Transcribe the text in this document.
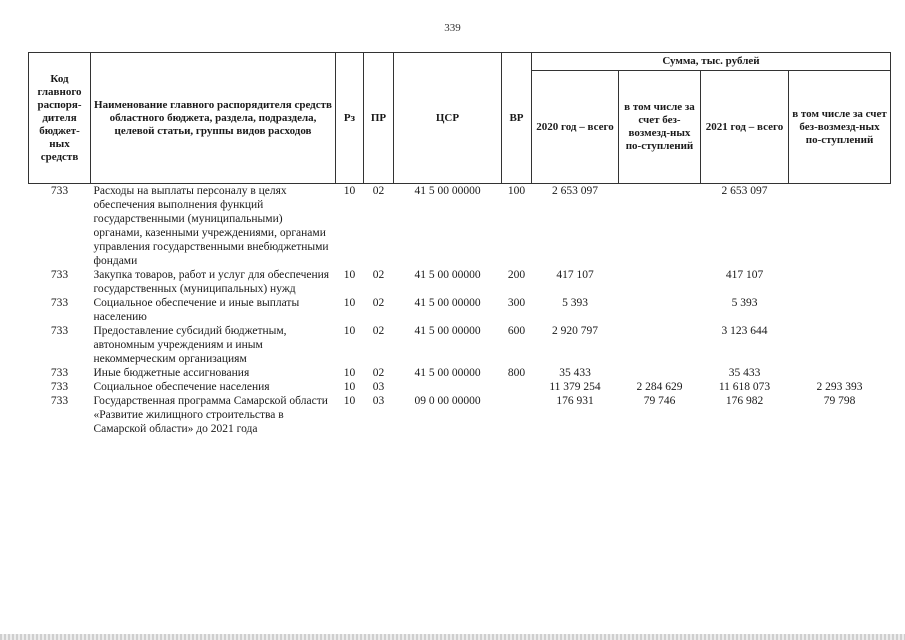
339
Код главного распоря-дителя бюджет-ных средств	Наименование главного распорядителя средств областного бюджета, раздела, подраздела, целевой статьи, группы видов расходов	Рз	ПР	ЦСР	ВР	Сумма, тыс. рублей			
						2020 год – всего	в том числе за счет без-возмезд-ных по-ступлений	2021 год – всего	в том числе за счет без-возмезд-ных по-ступлений
733	Расходы на выплаты персоналу в целях обеспечения выполнения функций государственными (муниципальными) органами, казенными учреждениями, органами управления государственными внебюджетными фондами	10	02	41 5 00 00000	100	2 653 097		2 653 097	
733	Закупка товаров, работ и услуг для обеспечения государственных (муниципальных) нужд	10	02	41 5 00 00000	200	417 107		417 107	
733	Социальное обеспечение и иные выплаты населению	10	02	41 5 00 00000	300	5 393		5 393	
733	Предоставление субсидий бюджетным, автономным учреждениям и иным некоммерческим организациям	10	02	41 5 00 00000	600	2 920 797		3 123 644	
733	Иные бюджетные ассигнования	10	02	41 5 00 00000	800	35 433		35 433	
733	Социальное обеспечение населения	10	03			11 379 254	2 284 629	11 618 073	2 293 393
733	Государственная программа Самарской области «Развитие жилищного строительства в Самарской области» до 2021 года	10	03	09 0 00 00000		176 931	79 746	176 982	79 798
